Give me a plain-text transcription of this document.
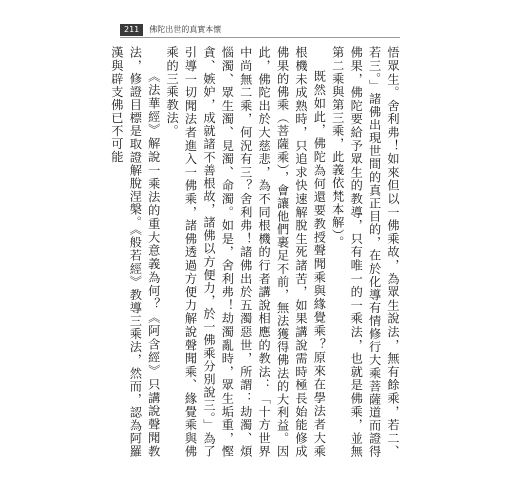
211	佛陀出世的真實本懷

悟眾生。舍利弗！如來但以一佛乘故，為眾生說法，無有餘乘，若二、若三。」諸佛出現世間的真正目的，在於化導有情修行大乘菩薩道而證得佛果，佛陀要給予眾生的教導，只有唯一的一乘法，也就是佛乘，並無第二乘與第三乘，此義依梵本解）。

既然如此，佛陀為何還要教授聲聞乘與緣覺乘？原來在學法者大乘根機未成熟時，只追求快速解脫生死諸苦，如果講說需時極長始能修成佛果的佛乘（菩薩乘），會讓他們裹足不前，無法獲得佛法的大利益。因此，佛陀出於大慈悲，為不同根機的行者講說相應的教法：「十方世界中尚無二乘，何況有三？舍利弗！諸佛出於五濁惡世，所謂：劫濁、煩惱濁、眾生濁、見濁、命濁。如是，舍利弗！劫濁亂時，眾生垢重，慳貪、嫉妒，成就諸不善根故，諸佛以方便力，於一佛乘分別說三。」為了引導一切聞法者進入一佛乘，諸佛透過方便力解說聲聞乘、緣覺乘與佛乘的三乘教法。

《法華經》解說一乘法的重大意義為何？《阿含經》只講說聲聞教法，修證目標是取證解脫涅槃。《般若經》教導三乘法，然而，認為阿羅漢與辟支佛已不可能
